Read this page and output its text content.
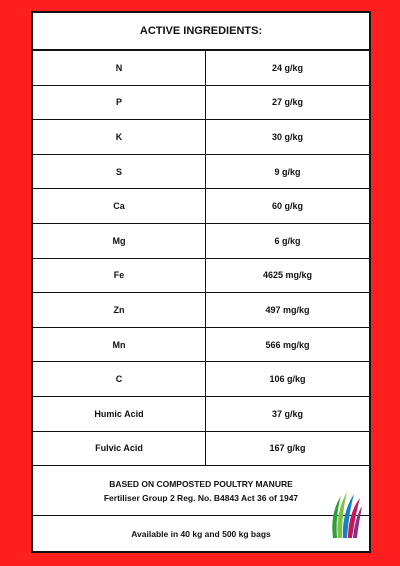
ACTIVE INGREDIENTS:
N	24 g/kg
P	27 g/kg
K	30 g/kg
S	9 g/kg
Ca	60 g/kg
Mg	6 g/kg
Fe	4625 mg/kg
Zn	497 mg/kg
Mn	566 mg/kg
C	106 g/kg
Humic Acid	37 g/kg
Fulvic Acid	167 g/kg
BASED ON COMPOSTED POULTRY MANURE
Fertiliser Group 2 Reg. No. B4843 Act 36 of 1947
Available in 40 kg and 500 kg bags
